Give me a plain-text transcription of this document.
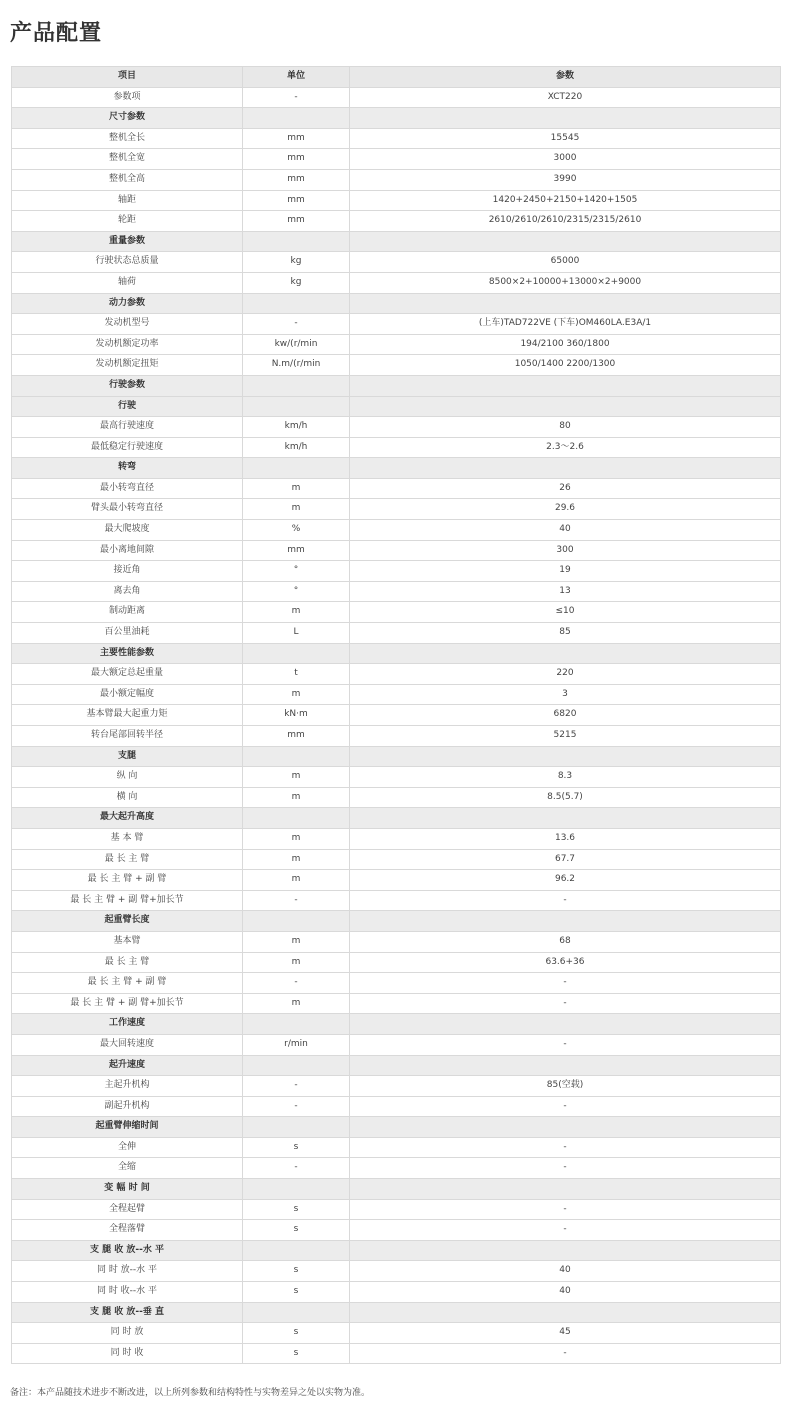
产品配置
项目	单位	参数
参数项	-	XCT220
尺寸参数		
整机全长	mm	15545
整机全宽	mm	3000
整机全高	mm	3990
轴距	mm	1420+2450+2150+1420+1505
轮距	mm	2610/2610/2610/2315/2315/2610
重量参数		
行驶状态总质量	kg	65000
轴荷	kg	8500×2+10000+13000×2+9000
动力参数		
发动机型号	-	(上车)TAD722VE (下车)OM460LA.E3A/1
发动机额定功率	kw/(r/min	194/2100 360/1800
发动机额定扭矩	N.m/(r/min	1050/1400 2200/1300
行驶参数		
行驶		
最高行驶速度	km/h	80
最低稳定行驶速度	km/h	2.3～2.6
转弯		
最小转弯直径	m	26
臂头最小转弯直径	m	29.6
最大爬坡度	%	40
最小离地间隙	mm	300
接近角	°	19
离去角	°	13
制动距离	m	≤10
百公里油耗	L	85
主要性能参数		
最大额定总起重量	t	220
最小额定幅度	m	3
基本臂最大起重力矩	kN·m	6820
转台尾部回转半径	mm	5215
支腿		
纵 向	m	8.3
横 向	m	8.5(5.7)
最大起升高度		
基 本 臂	m	13.6
最 长 主 臂	m	67.7
最 长 主 臂 + 副 臂	m	96.2
最 长 主 臂 + 副 臂+加长节	-	-
起重臂长度		
基本臂	m	68
最 长 主 臂	m	63.6+36
最 长 主 臂 + 副 臂	-	-
最 长 主 臂 + 副 臂+加长节	m	-
工作速度		
最大回转速度	r/min	-
起升速度		
主起升机构	-	85(空载)
副起升机构	-	-
起重臂伸缩时间		
全伸	s	-
全缩	-	-
变 幅 时 间		
全程起臂	s	-
全程落臂	s	-
支 腿 收 放--水 平		
同 时 放--水 平	s	40
同 时 收--水 平	s	40
支 腿 收 放--垂 直		
同 时 放	s	45
同 时 收	s	-
备注：本产品随技术进步不断改进，以上所列参数和结构特性与实物差异之处以实物为准。
